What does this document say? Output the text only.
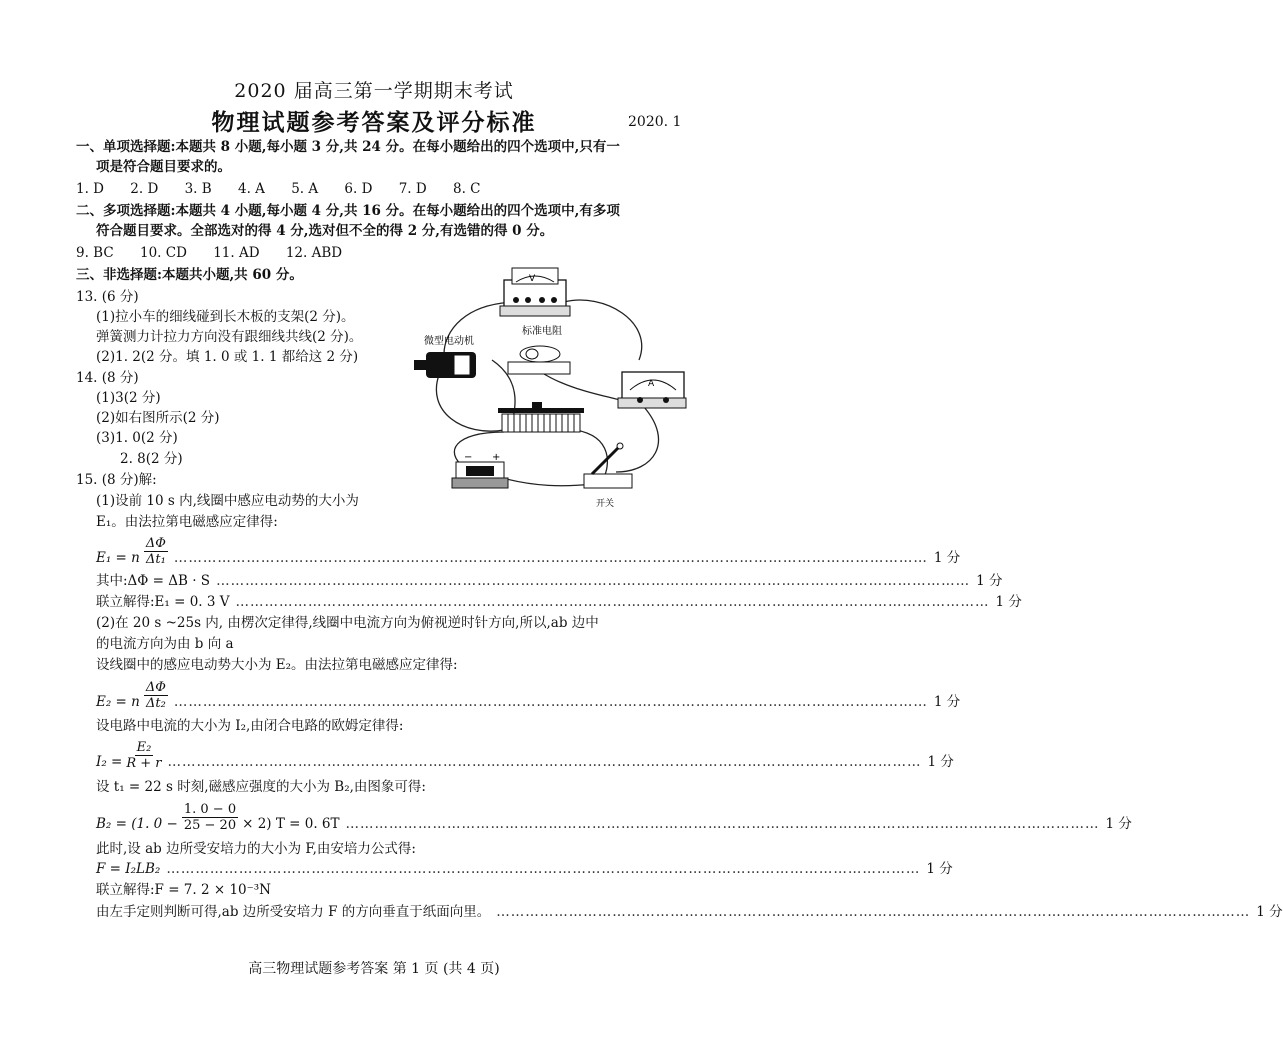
2020 届高三第一学期期末考试
物理试题参考答案及评分标准	2020. 1
一、单项选择题:本题共 8 小题,每小题 3 分,共 24 分。在每小题给出的四个选项中,只有一
项是符合题目要求的。
1. D 2. D 3. B 4. A 5. A 6. D 7. D 8. C
二、多项选择题:本题共 4 小题,每小题 4 分,共 16 分。在每小题给出的四个选项中,有多项
符合题目要求。全部选对的得 4 分,选对但不全的得 2 分,有选错的得 0 分。
9. BC 10. CD 11. AD 12. ABD
三、非选择题:本题共小题,共 60 分。
13. (6 分)
(1)拉小车的细线碰到长木板的支架(2 分)。
弹簧测力计拉力方向没有跟细线共线(2 分)。
(2)1. 2(2 分。填 1. 0 或 1. 1 都给这 2 分)
14. (8 分)
(1)3(2 分)
(2)如右图所示(2 分)
(3)1. 0(2 分)
2. 8(2 分)
V
微型电动机
标准电阻
A
− +
开关
15. (8 分)解:
(1)设前 10 s 内,线圈中感应电动势的大小为
E₁。由法拉第电磁感应定律得:
E₁ = n $\frac{\Delta\Phi}{\text{Δt₁}}$ ………………………………………………………………………………………………………………………………………… 1 分
其中:ΔΦ = ΔB · S ………………………………………………………………………………………………………………………………………… 1 分
联立解得:E₁ = 0. 3 V ………………………………………………………………………………………………………………………………………… 1 分
(2)在 20 s ~25s 内, 由楞次定律得,线圈中电流方向为俯视逆时针方向,所以,ab 边中
的电流方向为由 b 向 a
设线圈中的感应电动势大小为 E₂。由法拉第电磁感应定律得:
E₂ = n $\frac{\Delta\Phi}{\text{Δt₂}}$ ………………………………………………………………………………………………………………………………………… 1 分
设电路中电流的大小为 I₂,由闭合电路的欧姆定律得:
$I_2 = \frac{\text{E₂}}{R + r}$ ………………………………………………………………………………………………………………………………………… 1 分
设 t₁ = 22 s 时刻,磁感应强度的大小为 B₂,由图象可得:
B₂ = (1. $0 - \frac{1. 0 - 0}{25 - 20} \times 2$) T = 0. 6T ………………………………………………………………………………………………………………………………………… 1 分
此时,设 ab 边所受安培力的大小为 F,由安培力公式得:
F = I₂LB₂ ………………………………………………………………………………………………………………………………………… 1 分
联立解得:F = 7. 2 × 10⁻³N
由左手定则判断可得,ab 边所受安培力 F 的方向垂直于纸面向里。 ………………………………………………………………………………………………………………………………………… 1 分
高三物理试题参考答案 第 1 页 (共 4 页)
